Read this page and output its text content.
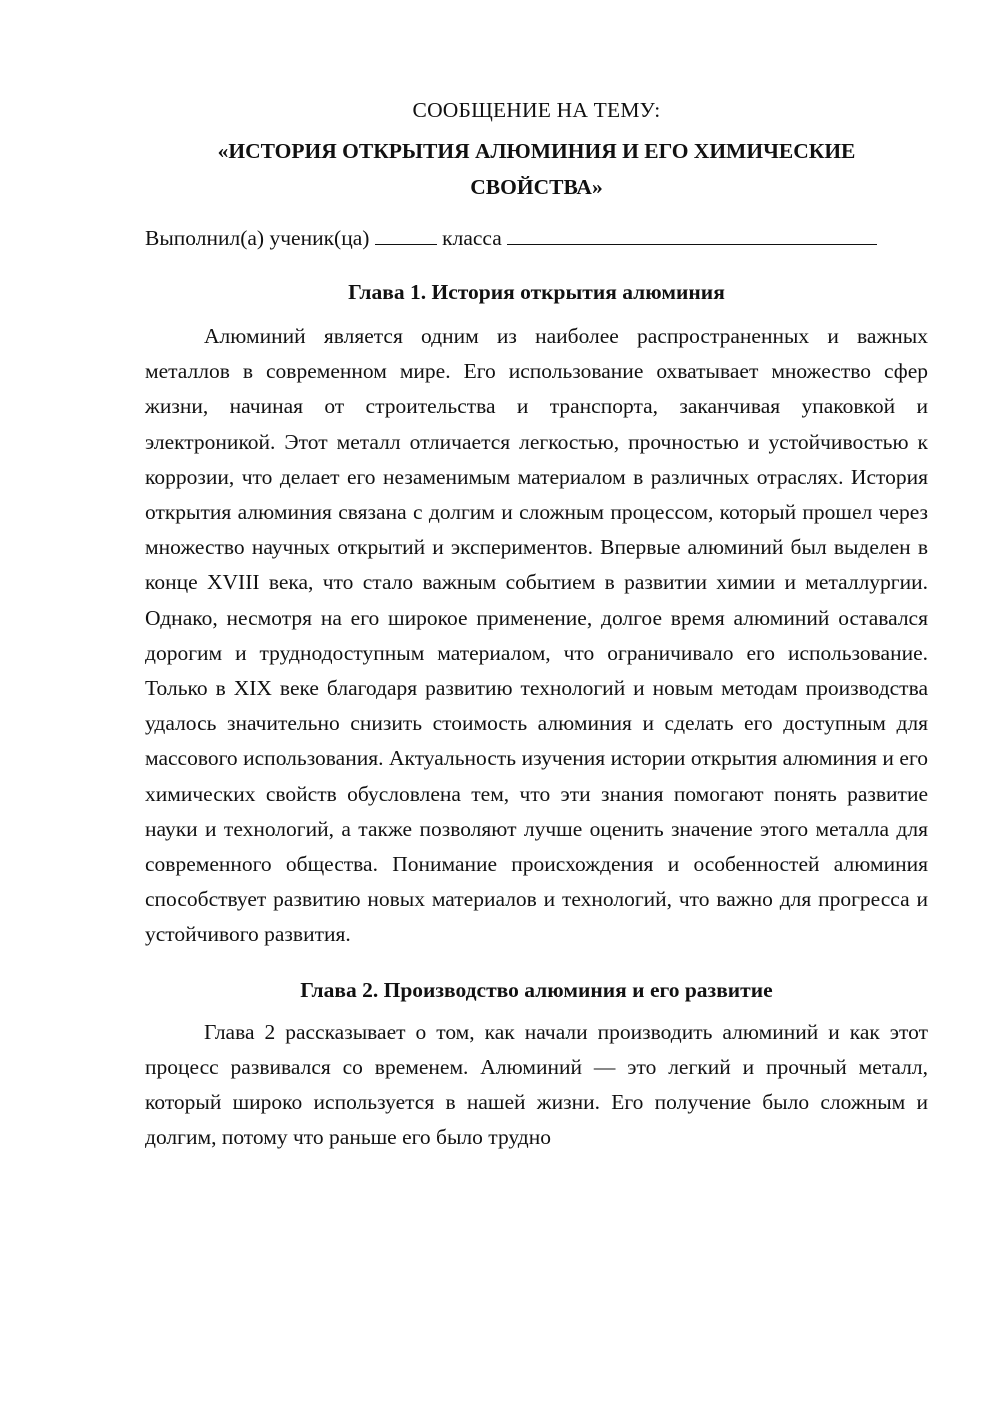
СООБЩЕНИЕ НА ТЕМУ:

«ИСТОРИЯ ОТКРЫТИЯ АЛЮМИНИЯ И ЕГО ХИМИЧЕСКИЕ СВОЙСТВА»

Выполнил(а) ученик(ца)	класса

Глава 1. История открытия алюминия

Алюминий является одним из наиболее распространенных и важных металлов в современном мире. Его использование охватывает множество сфер жизни, начиная от строительства и транспорта, заканчивая упаковкой и электроникой. Этот металл отличается легкостью, прочностью и устойчивостью к коррозии, что делает его незаменимым материалом в различных отраслях. История открытия алюминия связана с долгим и сложным процессом, который прошел через множество научных открытий и экспериментов. Впервые алюминий был выделен в конце XVIII века, что стало важным событием в развитии химии и металлургии. Однако, несмотря на его широкое применение, долгое время алюминий оставался дорогим и труднодоступным материалом, что ограничивало его использование. Только в XIX веке благодаря развитию технологий и новым методам производства удалось значительно снизить стоимость алюминия и сделать его доступным для массового использования. Актуальность изучения истории открытия алюминия и его химических свойств обусловлена тем, что эти знания помогают понять развитие науки и технологий, а также позволяют лучше оценить значение этого металла для современного общества. Понимание происхождения и особенностей алюминия способствует развитию новых материалов и технологий, что важно для прогресса и устойчивого развития.

Глава 2. Производство алюминия и его развитие

Глава 2 рассказывает о том, как начали производить алюминий и как этот процесс развивался со временем. Алюминий — это легкий и прочный металл, который широко используется в нашей жизни. Его получение было сложным и долгим, потому что раньше его было трудно
